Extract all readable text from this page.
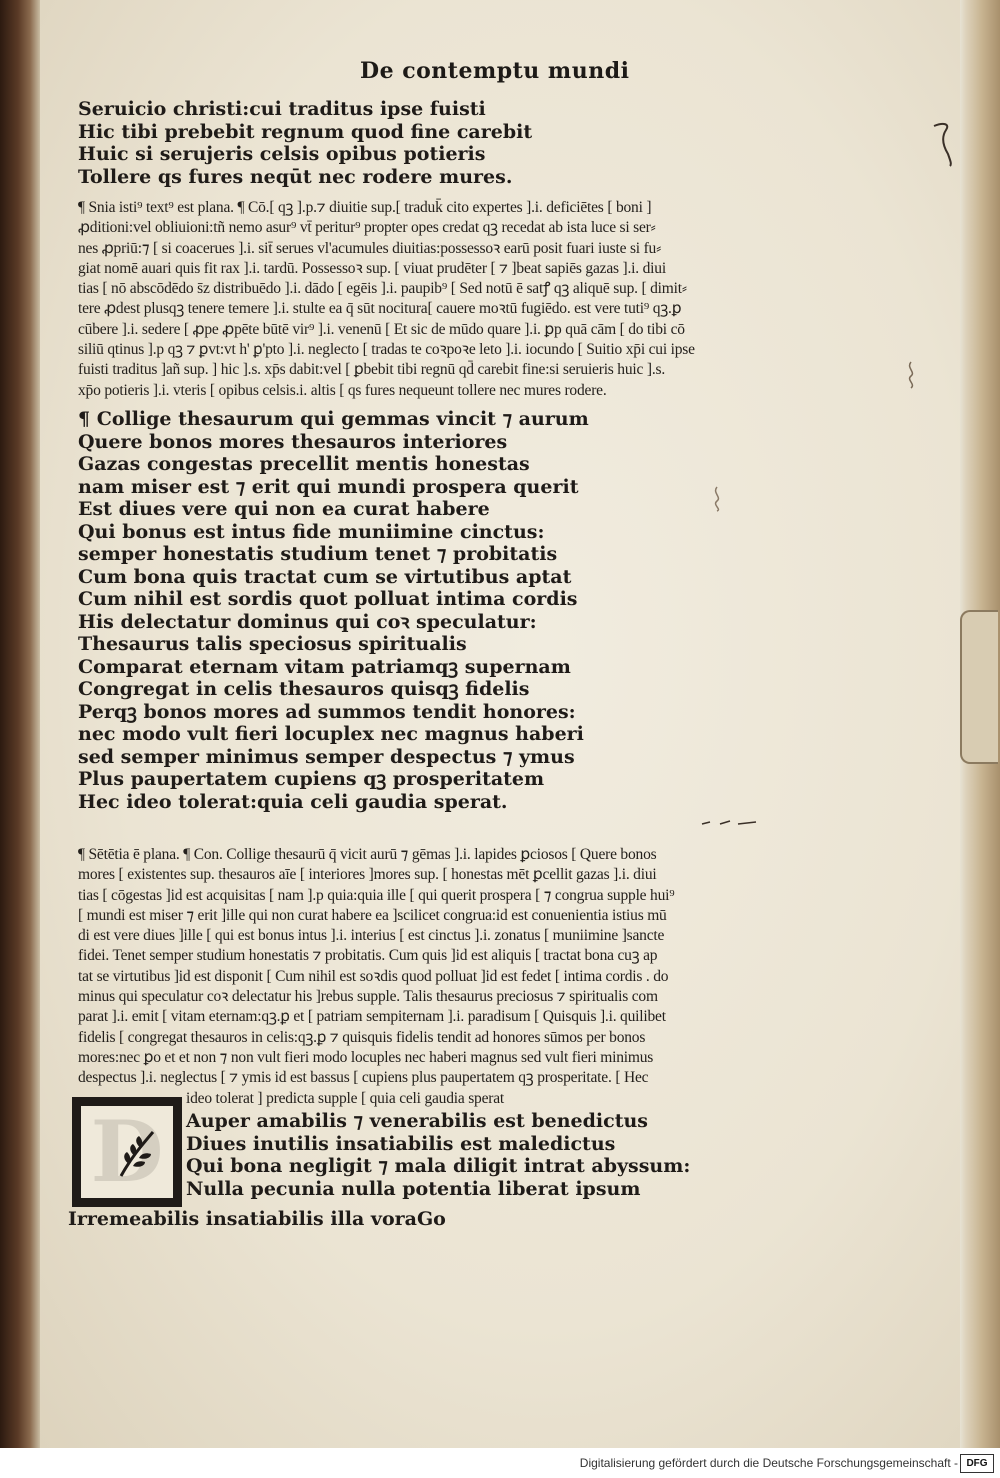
De contemptu mundi
Seruicio christi:cui traditus ipse fuisti
Hic tibi prebebit regnum quod fine carebit
Huic si serujeris celsis opibus potieris
Tollere qs fures neqūt nec rodere mures.
¶ Snia isti⁹ text⁹ est plana. ¶ Cō.[ qꝫ ].p.⁊ diuitie sup.[ traduk̄ cito expertes ].i. deficiētes [ boni ]
ꝓditioni:vel obliuioni:tñ nemo asur⁹ vt̄ peritur⁹ propter opes credat qꝫ recedat ab ista luce si ser⸗
nes ꝓpriū:⁊ [ si coacerues ].i. sit̄ serues vl'acumules diuitias:possessoꝛ earū posit fuari iuste si fu⸗
giat nomē auari quis fit rax ].i. tardū. Possessoꝛ sup. [ viuat prudēter [ ⁊ ]beat sapiēs gazas ].i. diui
tias [ nō abscōdēdo s̄z distribuēdo ].i. dādo [ egēis ].i. paupib⁹ [ Sed notū ē satꝭ qꝫ aliquē sup. [ dimit⸗
tere ꝓdest plusqꝫ tenere temere ].i. stulte ea q̄ sūt nocitura[ cauere moꝛtū fugiēdo. est vere tuti⁹ qꝫ.ꝑ
cūbere ].i. sedere [ ꝓpe ꝓpēte būtē vir⁹ ].i. venenū [ Et sic de mūdo quare ].i. ꝑp quā cām [ do tibi cō
siliū qtinus ].p qꝫ ⁊ ꝑvt:vt h' ꝑ'pto ].i. neglecto [ tradas te coꝛpoꝛe leto ].i. iocundo [ Suitio xp̄i cui ipse
fuisti traditus ]añ sup. ] hic ].s. xp̄s dabit:vel [ ꝑbebit tibi regnū qd̄ carebit fine:si seruieris huic ].s.
xp̄o potieris ].i. vteris [ opibus celsis.i. altis [ qs fures nequeunt tollere nec mures rodere.
¶ Collige thesaurum qui gemmas vincit ⁊ aurum
Quere bonos mores thesauros interiores
Gazas congestas precellit mentis honestas
nam miser est ⁊ erit qui mundi prospera querit
Est diues vere qui non ea curat habere
Qui bonus est intus fide muniimine cinctus:
semper honestatis studium tenet ⁊ probitatis
Cum bona quis tractat cum se virtutibus aptat
Cum nihil est sordis quot polluat intima cordis
His delectatur dominus qui coꝛ speculatur:
Thesaurus talis speciosus spiritualis
Comparat eternam vitam patriamqꝫ supernam
Congregat in celis thesauros quisqꝫ fidelis
Perqꝫ bonos mores ad summos tendit honores:
nec modo vult fieri locuplex nec magnus haberi
sed semper minimus semper despectus ⁊ ymus
Plus paupertatem cupiens qꝫ prosperitatem
Hec ideo tolerat:quia celi gaudia sperat.
¶ Sētētia ē plana. ¶ Con. Collige thesaurū q̄ vicit aurū ⁊ gēmas ].i. lapides ꝑciosos [ Quere bonos
mores [ existentes sup. thesauros aīe [ interiores ]mores sup. [ honestas mēt ꝑcellit gazas ].i. diui
tias [ cōgestas ]id est acquisitas [ nam ].p quia:quia ille [ qui querit prospera [ ⁊ congrua supple hui⁹
[ mundi est miser ⁊ erit ]ille qui non curat habere ea ]scilicet congrua:id est conuenientia istius mū
di est vere diues ]ille [ qui est bonus intus ].i. interius [ est cinctus ].i. zonatus [ muniimine ]sancte
fidei. Tenet semper studium honestatis ⁊ probitatis. Cum quis ]id est aliquis [ tractat bona cuꝫ ap
tat se virtutibus ]id est disponit [ Cum nihil est soꝛdis quod polluat ]id est fedet [ intima cordis . do
minus qui speculatur coꝛ delectatur his ]rebus supple. Talis thesaurus preciosus ⁊ spiritualis com
parat ].i. emit [ vitam eternam:qꝫ.ꝑ et [ patriam sempiternam ].i. paradisum [ Quisquis ].i. quilibet
fidelis [ congregat thesauros in celis:qꝫ.ꝑ ⁊ quisquis fidelis tendit ad honores sūmos per bonos
mores:nec ꝑo et et non ⁊ non vult fieri modo locuples nec haberi magnus sed vult fieri minimus
despectus ].i. neglectus [ ⁊ ymis id est bassus [ cupiens plus paupertatem qꝫ prosperitate. [ Hec
ideo tolerat ] predicta supple [ quia celi gaudia sperat
D Auper amabilis ⁊ venerabilis est benedictus
Diues inutilis insatiabilis est maledictus
Qui bona negligit ⁊ mala diligit intrat abyssum:
Nulla pecunia nulla potentia liberat ipsum
Irremeabilis insatiabilis illa voraGo
Digitalisierung gefördert durch die Deutsche Forschungsgemeinschaft - DFG
